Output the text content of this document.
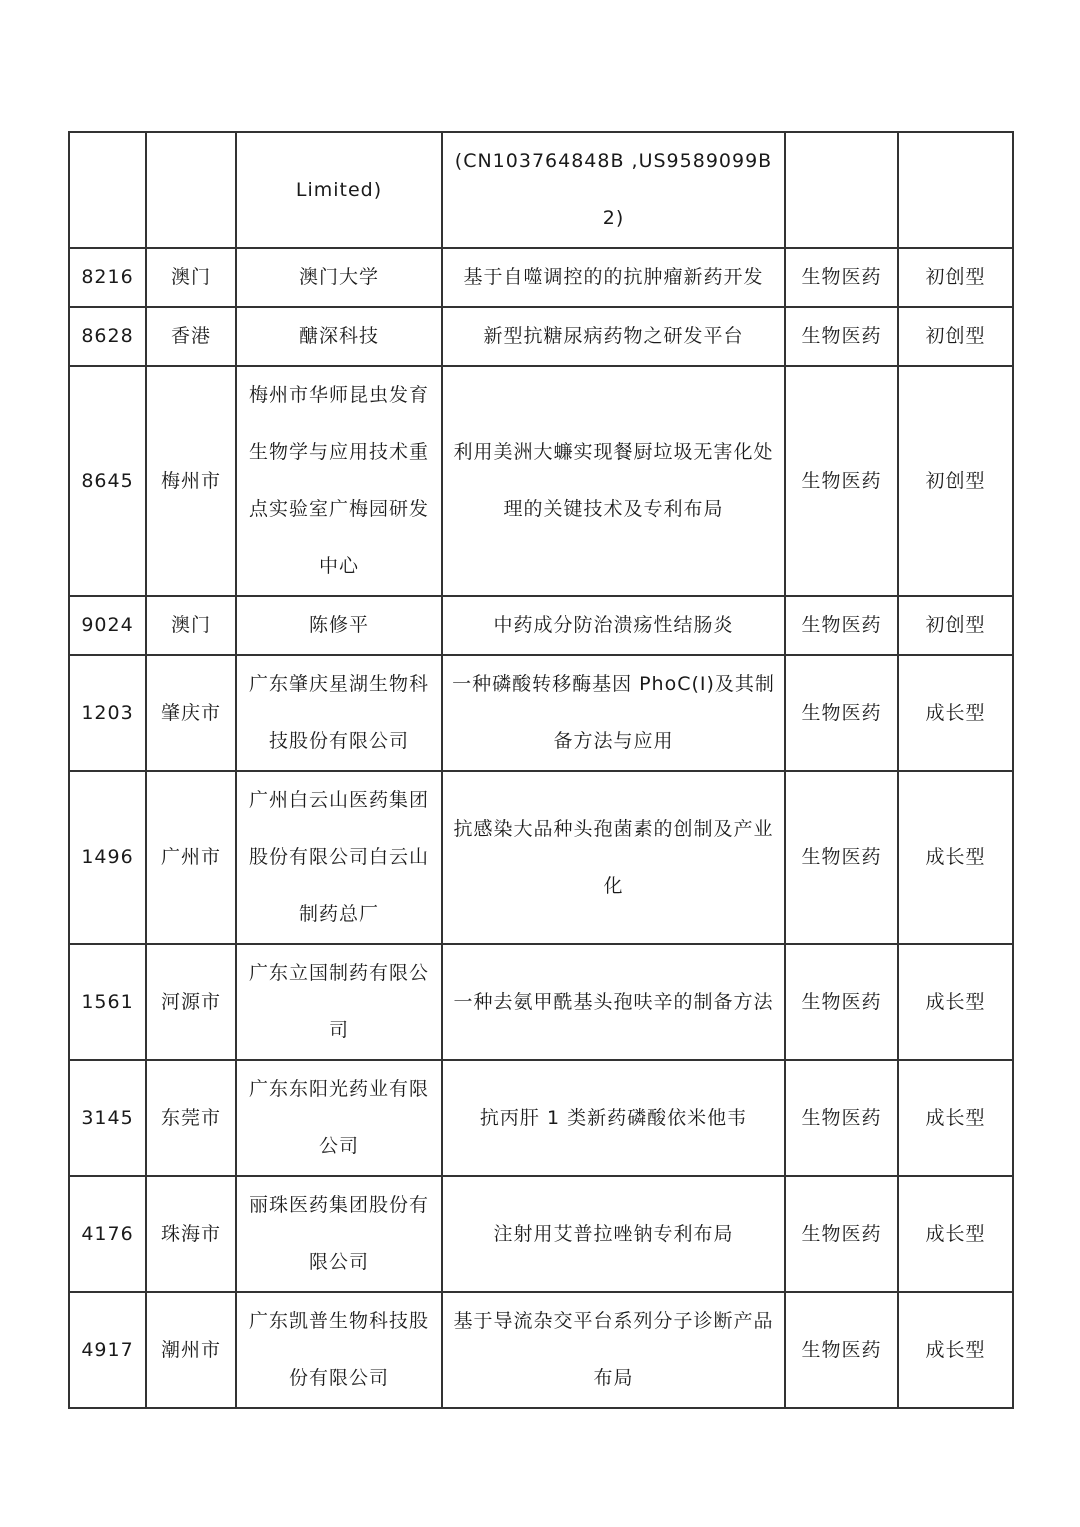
		Limited)	(CN103764848B ,US9589099B2)		
8216	澳门	澳门大学	基于自噬调控的的抗肿瘤新药开发	生物医药	初创型
8628	香港	醣深科技	新型抗糖尿病药物之研发平台	生物医药	初创型
8645	梅州市	梅州市华师昆虫发育生物学与应用技术重点实验室广梅园研发中心	利用美洲大蠊实现餐厨垃圾无害化处理的关键技术及专利布局	生物医药	初创型
9024	澳门	陈修平	中药成分防治溃疡性结肠炎	生物医药	初创型
1203	肇庆市	广东肇庆星湖生物科技股份有限公司	一种磷酸转移酶基因 PhoC(I)及其制备方法与应用	生物医药	成长型
1496	广州市	广州白云山医药集团股份有限公司白云山制药总厂	抗感染大品种头孢菌素的创制及产业化	生物医药	成长型
1561	河源市	广东立国制药有限公司	一种去氨甲酰基头孢呋辛的制备方法	生物医药	成长型
3145	东莞市	广东东阳光药业有限公司	抗丙肝 1 类新药磷酸依米他韦	生物医药	成长型
4176	珠海市	丽珠医药集团股份有限公司	注射用艾普拉唑钠专利布局	生物医药	成长型
4917	潮州市	广东凯普生物科技股份有限公司	基于导流杂交平台系列分子诊断产品布局	生物医药	成长型
